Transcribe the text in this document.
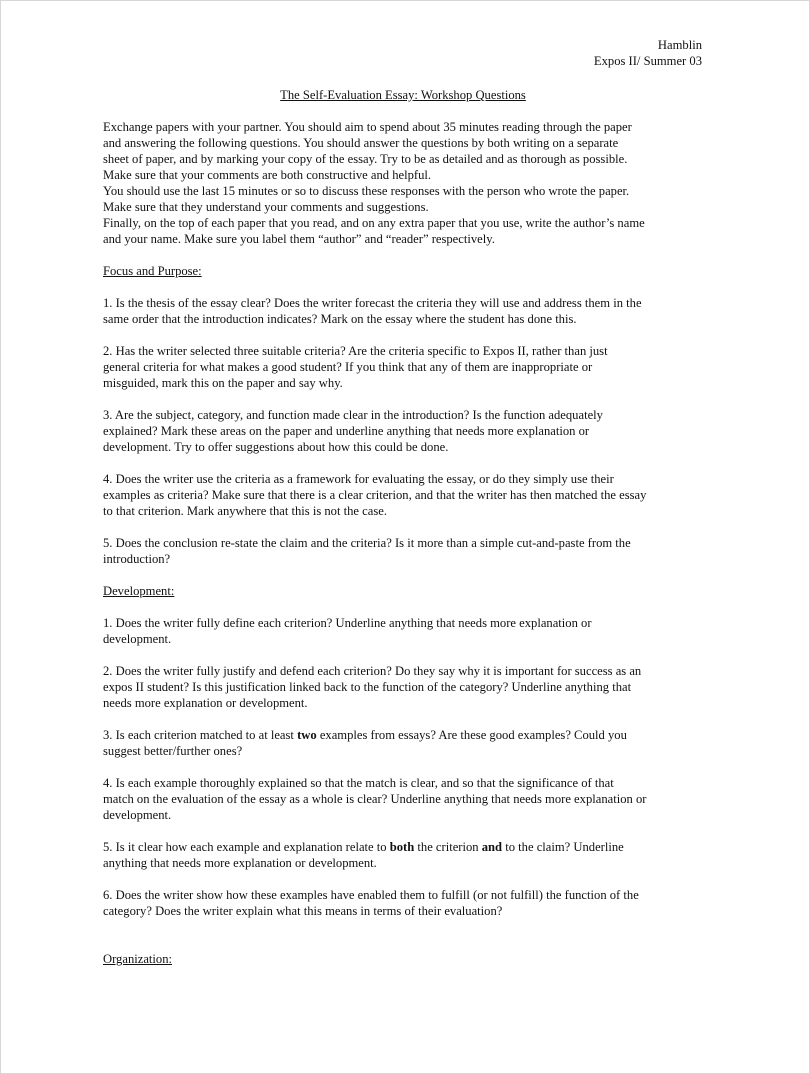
Hamblin
Expos II/ Summer 03
The Self-Evaluation Essay: Workshop Questions
Exchange papers with your partner. You should aim to spend about 35 minutes reading through the paper
and answering the following questions. You should answer the questions by both writing on a separate
sheet of paper, and by marking your copy of the essay. Try to be as detailed and as thorough as possible.
Make sure that your comments are both constructive and helpful.
You should use the last 15 minutes or so to discuss these responses with the person who wrote the paper.
Make sure that they understand your comments and suggestions.
Finally, on the top of each paper that you read, and on any extra paper that you use, write the author’s name
and your name. Make sure you label them “author” and “reader” respectively.
Focus and Purpose:
1. Is the thesis of the essay clear? Does the writer forecast the criteria they will use and address them in the
same order that the introduction indicates? Mark on the essay where the student has done this.
2. Has the writer selected three suitable criteria? Are the criteria specific to Expos II, rather than just
general criteria for what makes a good student? If you think that any of them are inappropriate or
misguided, mark this on the paper and say why.
3. Are the subject, category, and function made clear in the introduction? Is the function adequately
explained? Mark these areas on the paper and underline anything that needs more explanation or
development. Try to offer suggestions about how this could be done.
4. Does the writer use the criteria as a framework for evaluating the essay, or do they simply use their
examples as criteria? Make sure that there is a clear criterion, and that the writer has then matched the essay
to that criterion. Mark anywhere that this is not the case.
5. Does the conclusion re-state the claim and the criteria? Is it more than a simple cut-and-paste from the
introduction?
Development:
1. Does the writer fully define each criterion? Underline anything that needs more explanation or
development.
2. Does the writer fully justify and defend each criterion? Do they say why it is important for success as an
expos II student? Is this justification linked back to the function of the category? Underline anything that
needs more explanation or development.
3. Is each criterion matched to at least two examples from essays? Are these good examples? Could you
suggest better/further ones?
4. Is each example thoroughly explained so that the match is clear, and so that the significance of that
match on the evaluation of the essay as a whole is clear? Underline anything that needs more explanation or
development.
5. Is it clear how each example and explanation relate to both the criterion and to the claim? Underline
anything that needs more explanation or development.
6. Does the writer show how these examples have enabled them to fulfill (or not fulfill) the function of the
category? Does the writer explain what this means in terms of their evaluation?
Organization:
